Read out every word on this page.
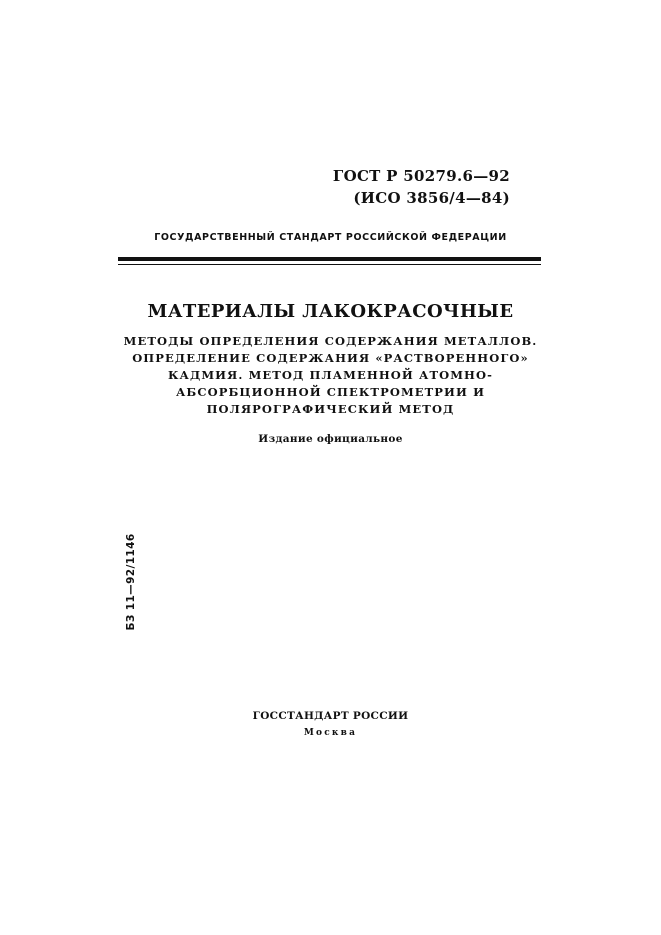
ГОСТ Р 50279.6—92
(ИСО 3856/4—84)
ГОСУДАРСТВЕННЫЙ СТАНДАРТ РОССИЙСКОЙ ФЕДЕРАЦИИ
МАТЕРИАЛЫ ЛАКОКРАСОЧНЫЕ
МЕТОДЫ ОПРЕДЕЛЕНИЯ СОДЕРЖАНИЯ МЕТАЛЛОВ.
ОПРЕДЕЛЕНИЕ СОДЕРЖАНИЯ «РАСТВОРЕННОГО»
КАДМИЯ. МЕТОД ПЛАМЕННОЙ АТОМНО-
АБСОРБЦИОННОЙ СПЕКТРОМЕТРИИ И
ПОЛЯРОГРАФИЧЕСКИЙ МЕТОД
Издание официальное
БЗ 11—92/1146
ГОССТАНДАРТ РОССИИ
Москва
